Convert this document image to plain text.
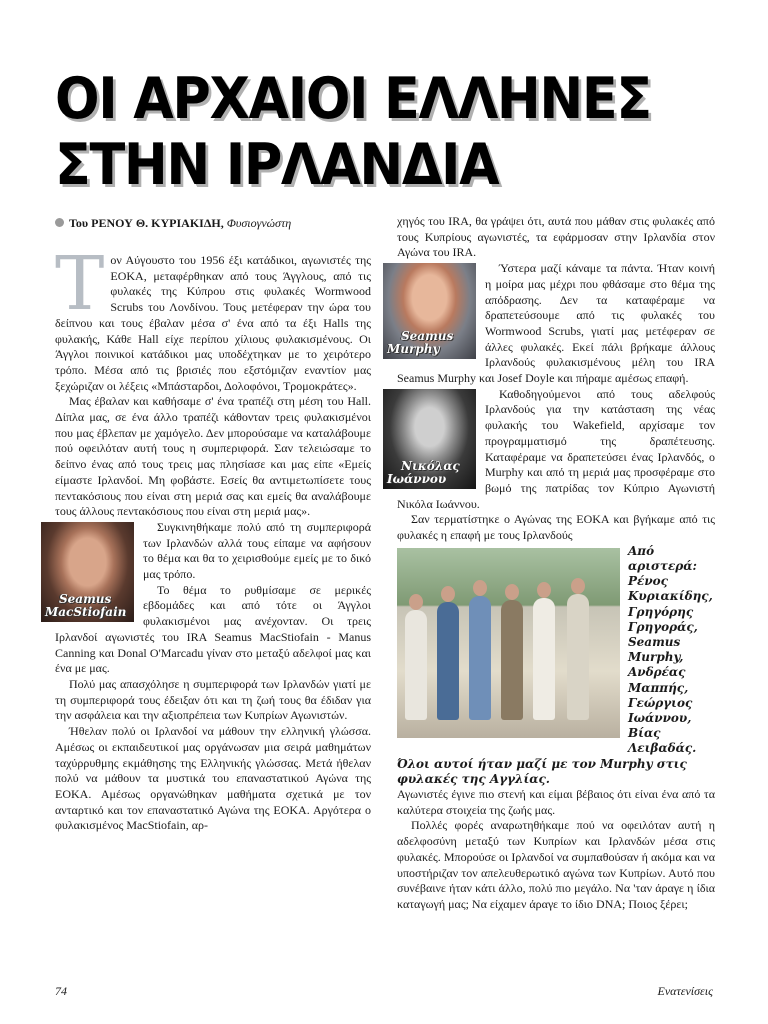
ΟΙ ΑΡΧΑΙΟΙ ΕΛΛΗΝΕΣ
ΣΤΗΝ ΙΡΛΑΝΔΙΑ
Του ΡΕΝΟΥ Θ. ΚΥΡΙΑΚΙΔΗ, Φυσιογνώστη

Τον Αύγουστο του 1956 έξι κατάδικοι, αγωνιστές της ΕΟΚΑ, μεταφέρθηκαν από τους Άγγλους, από τις φυλακές της Κύπρου στις φυλακές Wormwood Scrubs του Λονδίνου. Τους μετέφεραν την ώρα του δείπνου και τους έβαλαν μέσα σ' ένα από τα έξι Halls της φυλακής, Κάθε Hall είχε περίπου χίλιους φυλακισμένους. Οι Άγγλοι ποινικοί κατάδικοι μας υποδέχτηκαν με το χειρότερο τρόπο. Μέσα από τις βρισιές που εξστόμιζαν εναντίον μας ξεχώριζαν οι λέξεις «Μπάσταρδοι, Δολοφόνοι, Τρομοκράτες».

Μας έβαλαν και καθήσαμε σ' ένα τραπέζι στη μέση του Hall. Δίπλα μας, σε ένα άλλο τραπέζι κάθονταν τρεις φυλακισμένοι που μας έβλεπαν με χαμόγελο. Δεν μπορούσαμε να καταλάβουμε πού οφειλόταν αυτή τους η συμπεριφορά. Σαν τελειώσαμε το δείπνο ένας από τους τρεις μας πλησίασε και μας είπε «Εμείς είμαστε Ιρλανδοί. Μη φοβάστε. Εσείς θα αντιμετωπίσετε τους πεντακόσιους που είναι στη μεριά σας και εμείς θα αναλάβουμε τους άλλους πεντακόσιους που είναι στη μεριά μας».

Seamus MacStiofain
Συγκινηθήκαμε πολύ από τη συμπεριφορά των Ιρλανδών αλλά τους είπαμε να αφήσουν το θέμα και θα το χειρισθούμε εμείς με το δικό μας τρόπο.

Το θέμα το ρυθμίσαμε σε μερικές εβδομάδες και από τότε οι Άγγλοι φυλακισμένοι μας ανέχονταν. Οι τρεις Ιρλανδοί αγωνιστές του IRA Seamus MacStiofain - Manus Canning και Donal O'Marcadu γίναν στο μεταξύ αδελφοί μας και ένα με μας.

Πολύ μας απασχόλησε η συμπεριφορά των Ιρλανδών γιατί με τη συμπεριφορά τους έδειξαν ότι και τη ζωή τους θα έδιδαν για την ασφάλεια και την αξιοπρέπεια των Κυπρίων Αγωνιστών.

Ήθελαν πολύ οι Ιρλανδοί να μάθουν την ελληνική γλώσσα. Αμέσως οι εκπαιδευτικοί μας οργάνωσαν μια σειρά μαθημάτων ταχύρρυθμης εκμάθησης της Ελληνικής γλώσσας. Μετά ήθελαν πολύ να μάθουν τα μυστικά του επαναστατικού Αγώνα της ΕΟΚΑ. Αμέσως οργανώθηκαν μαθήματα σχετικά με τον ανταρτικό και τον επαναστατικό Αγώνα της ΕΟΚΑ. Αργότερα ο φυλακισμένος MacStiofain, αρ-

χηγός του IRA, θα γράψει ότι, αυτά που μάθαν στις φυλακές από τους Κυπρίους αγωνιστές, τα εφάρμοσαν στην Ιρλανδία στον Αγώνα του IRA.

Seamus Murphy
Ύστερα μαζί κάναμε τα πάντα. Ήταν κοινή η μοίρα μας μέχρι που φθάσαμε στο θέμα της απόδρασης. Δεν τα καταφέραμε να δραπετεύσουμε από τις φυλακές του Wormwood Scrubs, γιατί μας μετέφεραν σε άλλες φυλακές. Εκεί πάλι βρήκαμε άλλους Ιρλανδούς φυλακισμένους μέλη του IRA Seamus Murphy και Josef Doyle και πήραμε αμέσως επαφή.

Νικόλας Ιωάννου
Καθοδηγούμενοι από τους αδελφούς Ιρλανδούς για την κατάσταση της νέας φυλακής του Wakefield, αρχίσαμε τον προγραμματισμό της δραπέτευσης. Καταφέραμε να δραπετεύσει ένας Ιρλανδός, ο Murphy και από τη μεριά μας προσφέραμε στο βωμό της πατρίδας τον Κύπριο Αγωνιστή Νικόλα Ιωάννου.

Σαν τερματίστηκε ο Αγώνας της ΕΟΚΑ και βγήκαμε από τις φυλακές η επαφή με τους Ιρλανδούς

Από αριστερά: Ρένος Κυριακίδης, Γρηγόρης Γρηγοράς, Seamus Murphy, Ανδρέας Μαππής, Γεώργιος Ιωάννου, Βίας Λειβαδάς. Όλοι αυτοί ήταν μαζί με τον Murphy στις φυλακές της Αγγλίας.

Αγωνιστές έγινε πιο στενή και είμαι βέβαιος ότι είναι ένα από τα καλύτερα στοιχεία της ζωής μας.

Πολλές φορές αναρωτηθήκαμε πού να οφειλόταν αυτή η αδελφοσύνη μεταξύ των Κυπρίων και Ιρλανδών μέσα στις φυλακές. Μπορούσε οι Ιρλανδοί να συμπαθούσαν ή ακόμα και να υποστήριζαν τον απελευθερωτικό αγώνα των Κυπρίων. Αυτό που συνέβαινε ήταν κάτι άλλο, πολύ πιο μεγάλο. Να 'ταν άραγε η ίδια καταγωγή μας; Να είχαμεν άραγε το ίδιο DNA; Ποιος ξέρει;

74	Ενατενίσεις
